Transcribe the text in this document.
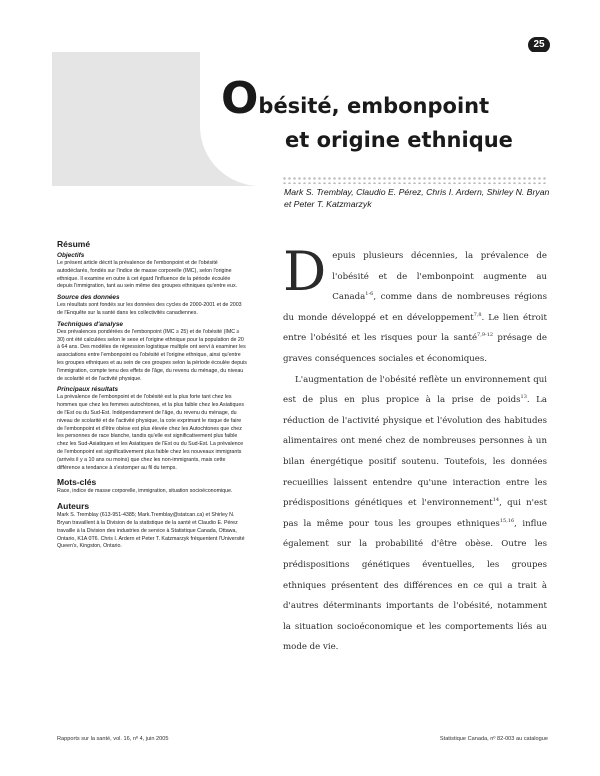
25
Obésité, embonpoint
et origine ethnique

Mark S. Tremblay, Claudio E. Pérez, Chris I. Ardern, Shirley N. Bryan et Peter T. Katzmarzyk

Résumé
Objectifs

Le présent article décrit la prévalence de l'embonpoint et de l'obésité autodéclarés, fondés sur l'indice de masse corporelle (IMC), selon l'origine ethnique. Il examine en outre à cet égard l'influence de la période écoulée depuis l'immigration, tant au sein même des groupes ethniques qu'entre eux.

Source des données

Les résultats sont fondés sur les données des cycles de 2000-2001 et de 2003 de l'Enquête sur la santé dans les collectivités canadiennes.

Techniques d'analyse

Des prévalences pondérées de l'embonpoint (IMC ≥ 25) et de l'obésité (IMC ≥ 30) ont été calculées selon le sexe et l'origine ethnique pour la population de 20 à 64 ans. Des modèles de régression logistique multiple ont servi à examiner les associations entre l'embonpoint ou l'obésité et l'origine ethnique, ainsi qu'entre les groupes ethniques et au sein de ces groupes selon la période écoulée depuis l'immigration, compte tenu des effets de l'âge, du revenu du ménage, du niveau de scolarité et de l'activité physique.

Principaux résultats

La prévalence de l'embonpoint et de l'obésité est la plus forte tant chez les hommes que chez les femmes autochtones, et la plus faible chez les Asiatiques de l'Est ou du Sud-Est. Indépendamment de l'âge, du revenu du ménage, du niveau de scolarité et de l'activité physique, la cote exprimant le risque de faire de l'embonpoint et d'être obèse est plus élevée chez les Autochtones que chez les personnes de race blanche, tandis qu'elle est significativement plus faible chez les Sud-Asiatiques et les Asiatiques de l'Est ou du Sud-Est. La prévalence de l'embonpoint est significativement plus faible chez les nouveaux immigrants (arrivés il y a 10 ans ou moins) que chez les non-immigrants, mais cette différence a tendance à s'estomper au fil du temps.

Mots-clés

Race, indice de masse corporelle, immigration, situation socioéconomique.

Auteurs

Mark S. Tremblay (613-951-4385; Mark.Tremblay@statcan.ca) et Shirley N. Bryan travaillent à la Division de la statistique de la santé et Claudio E. Pérez travaille à la Division des industries de service à Statistique Canada, Ottawa, Ontario, K1A 0T6. Chris I. Ardern et Peter T. Katzmarzyk fréquentent l'Université Queen's, Kingston, Ontario.

Depuis plusieurs décennies, la prévalence de l'obésité et de l'embonpoint augmente au Canada$^{1-6}$, comme dans de nombreuses régions du monde développé et en développement$^{7,8}$. Le lien étroit entre l'obésité et les risques pour la santé$^{7,9-12}$ présage de graves conséquences sociales et économiques.

L'augmentation de l'obésité reflète un environnement qui est de plus en plus propice à la prise de poids$^{13}$. La réduction de l'activité physique et l'évolution des habitudes alimentaires ont mené chez de nombreuses personnes à un bilan énergétique positif soutenu. Toutefois, les données recueillies laissent entendre qu'une interaction entre les prédispositions génétiques et l'environnement$^{14}$, qui n'est pas la même pour tous les groupes ethniques$^{15,16}$, influe également sur la probabilité d'être obèse. Outre les prédispositions génétiques éventuelles, les groupes ethniques présentent des différences en ce qui a trait à d'autres déterminants importants de l'obésité, notamment la situation socioéconomique et les comportements liés au mode de vie.

Rapports sur la santé, vol. 16, nº 4, juin 2005	Statistique Canada, nº 82-003 au catalogue
